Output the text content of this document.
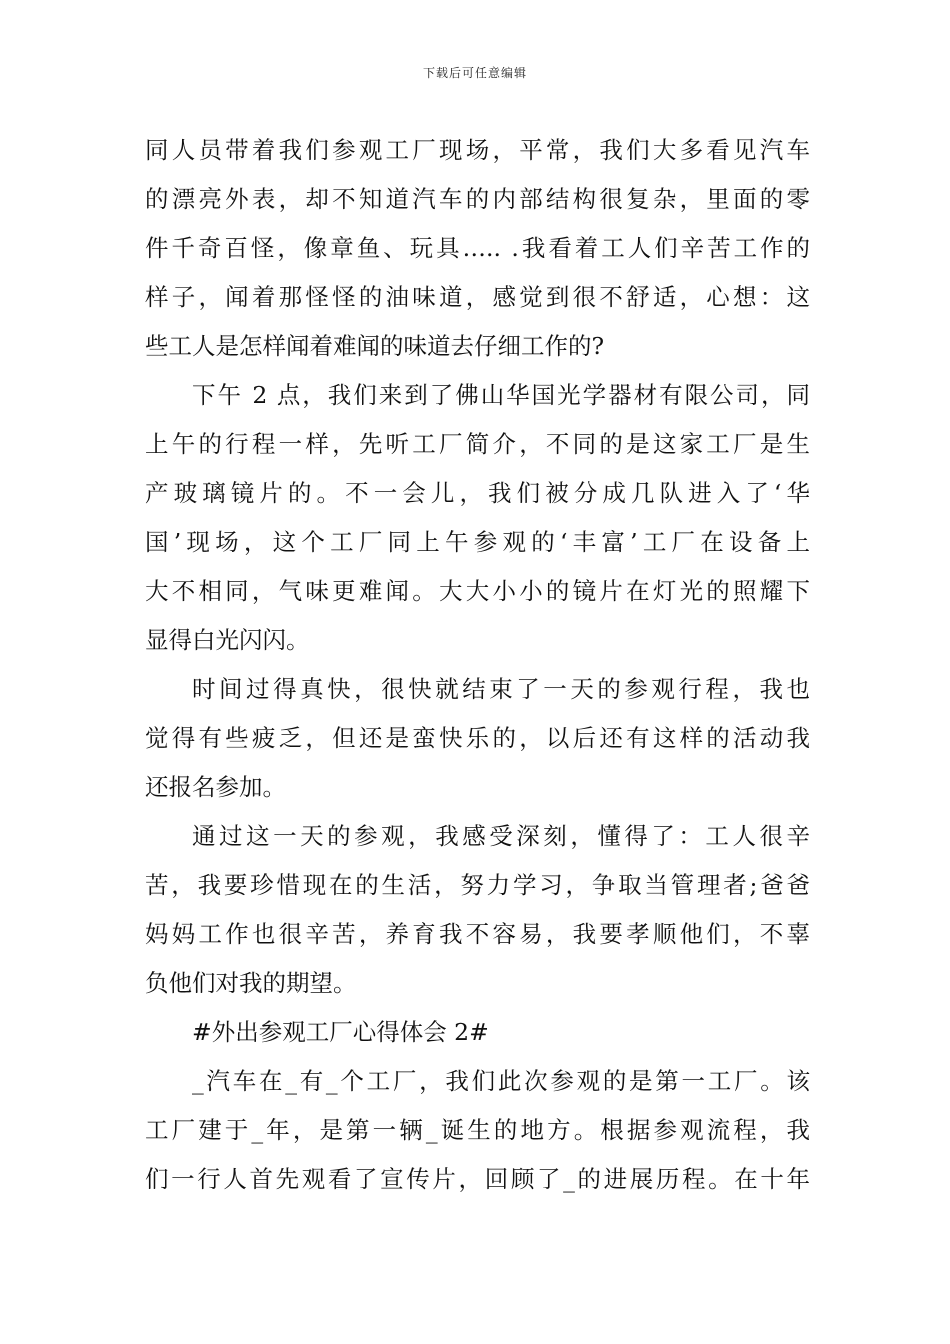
下载后可任意编辑
同人员带着我们参观工厂现场，平常，我们大多看见汽车
的漂亮外表，却不知道汽车的内部结构很复杂，里面的零
件千奇百怪，像章鱼、玩具….. .我看着工人们辛苦工作的
样子，闻着那怪怪的油味道，感觉到很不舒适，心想：这
些工人是怎样闻着难闻的味道去仔细工作的?
下午 2 点，我们来到了佛山华国光学器材有限公司，同
上午的行程一样，先听工厂简介，不同的是这家工厂是生
产玻璃镜片的。不一会儿，我们被分成几队进入了‘华
国’现场，这个工厂同上午参观的‘丰富’工厂在设备上
大不相同，气味更难闻。大大小小的镜片在灯光的照耀下
显得白光闪闪。
时间过得真快，很快就结束了一天的参观行程，我也
觉得有些疲乏，但还是蛮快乐的，以后还有这样的活动我
还报名参加。
通过这一天的参观，我感受深刻，懂得了：工人很辛
苦，我要珍惜现在的生活，努力学习，争取当管理者;爸爸
妈妈工作也很辛苦，养育我不容易，我要孝顺他们，不辜
负他们对我的期望。
#外出参观工厂心得体会 2#
_汽车在_有_个工厂，我们此次参观的是第一工厂。该
工厂建于_年，是第一辆_诞生的地方。根据参观流程，我
们一行人首先观看了宣传片，回顾了_的进展历程。在十年
